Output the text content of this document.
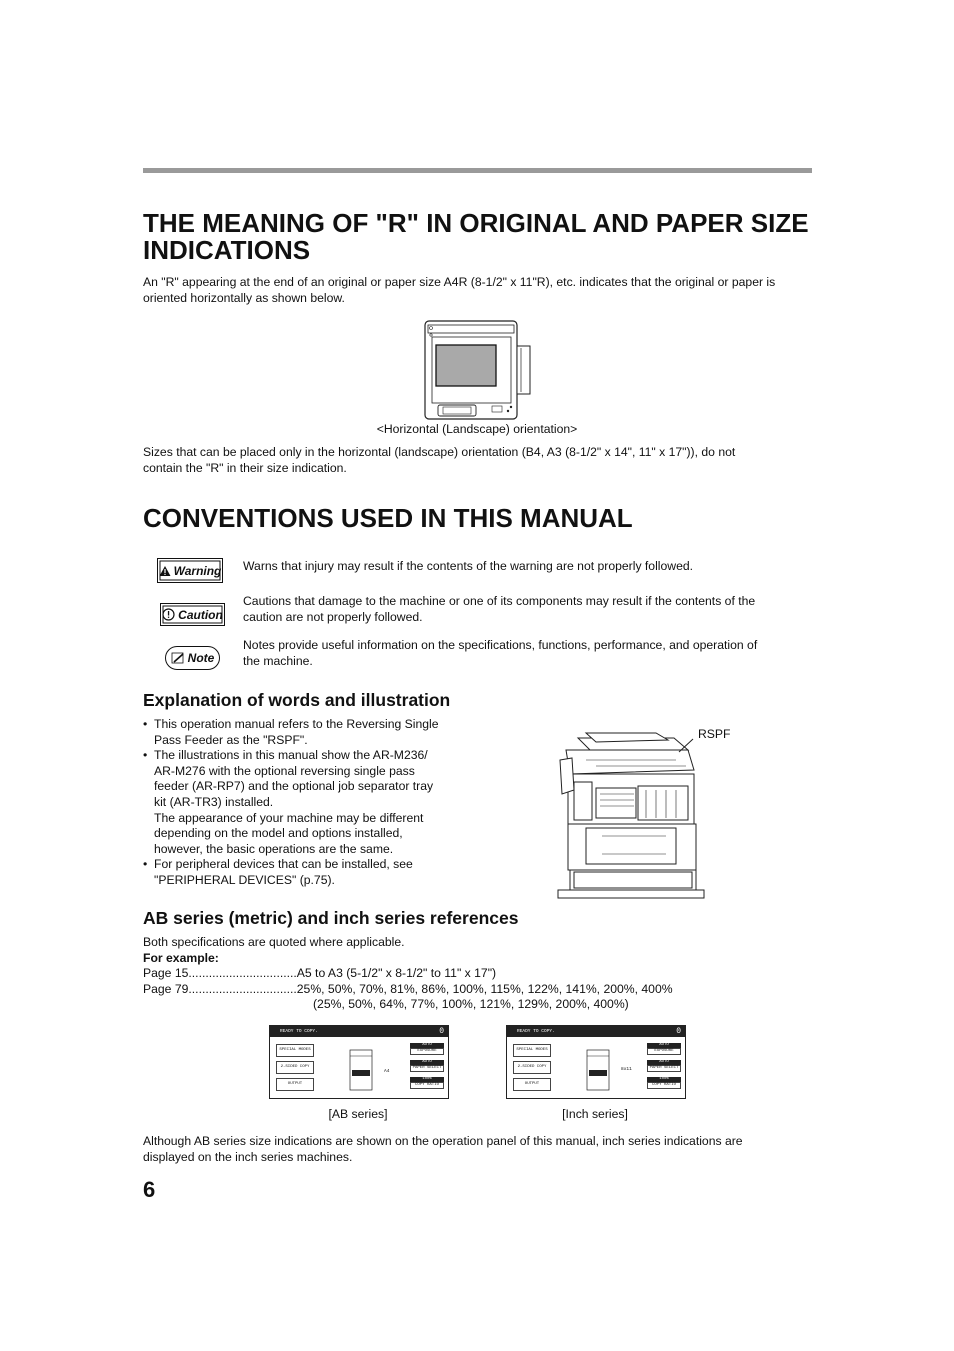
THE MEANING OF "R" IN ORIGINAL AND PAPER SIZE
INDICATIONS
An "R" appearing at the end of an original or paper size A4R (8-1/2" x 11"R), etc. indicates that the original or paper is
oriented horizontally as shown below.
<Horizontal (Landscape) orientation>
Sizes that can be placed only in the horizontal (landscape) orientation (B4, A3 (8-1/2" x 14", 11" x 17")), do not
contain the "R" in their size indication.
CONVENTIONS USED IN THIS MANUAL
Warning Warns that injury may result if the contents of the warning are not properly followed.
Caution
Cautions that damage to the machine or one of its components may result if the contents of the
caution are not properly followed.
Note
Notes provide useful information on the specifications, functions, performance, and operation of
the machine.
Explanation of words and illustration
• This operation manual refers to the Reversing Single
Pass Feeder as the "RSPF".
• The illustrations in this manual show the AR-M236/
AR-M276 with the optional reversing single pass
feeder (AR-RP7) and the optional job separator tray
kit (AR-TR3) installed.
The appearance of your machine may be different
depending on the model and options installed,
however, the basic operations are the same.
• For peripheral devices that can be installed, see
"PERIPHERAL DEVICES" (p.75).
RSPF
AB series (metric) and inch series references
Both specifications are quoted where applicable.
For example:
Page 15................................A5 to A3 (5-1/2" x 8-1/2" to 11" x 17")
Page 79................................25%, 50%, 70%, 81%, 86%, 100%, 115%, 122%, 141%, 200%, 400%
(25%, 50%, 64%, 77%, 100%, 121%, 129%, 200%, 400%)
READY TO COPY.	0
SPECIAL MODES
2-SIDED COPY
OUTPUT
A4
AUTO
EXPOSURE
AUTO
PAPER SELECT
100%
COPY RATIO
[AB series]
READY TO COPY.	0
SPECIAL MODES
2-SIDED COPY
OUTPUT
8x11
AUTO
EXPOSURE
AUTO
PAPER SELECT
100%
COPY RATIO
[Inch series]
Although AB series size indications are shown on the operation panel of this manual, inch series indications are
displayed on the inch series machines.
6
